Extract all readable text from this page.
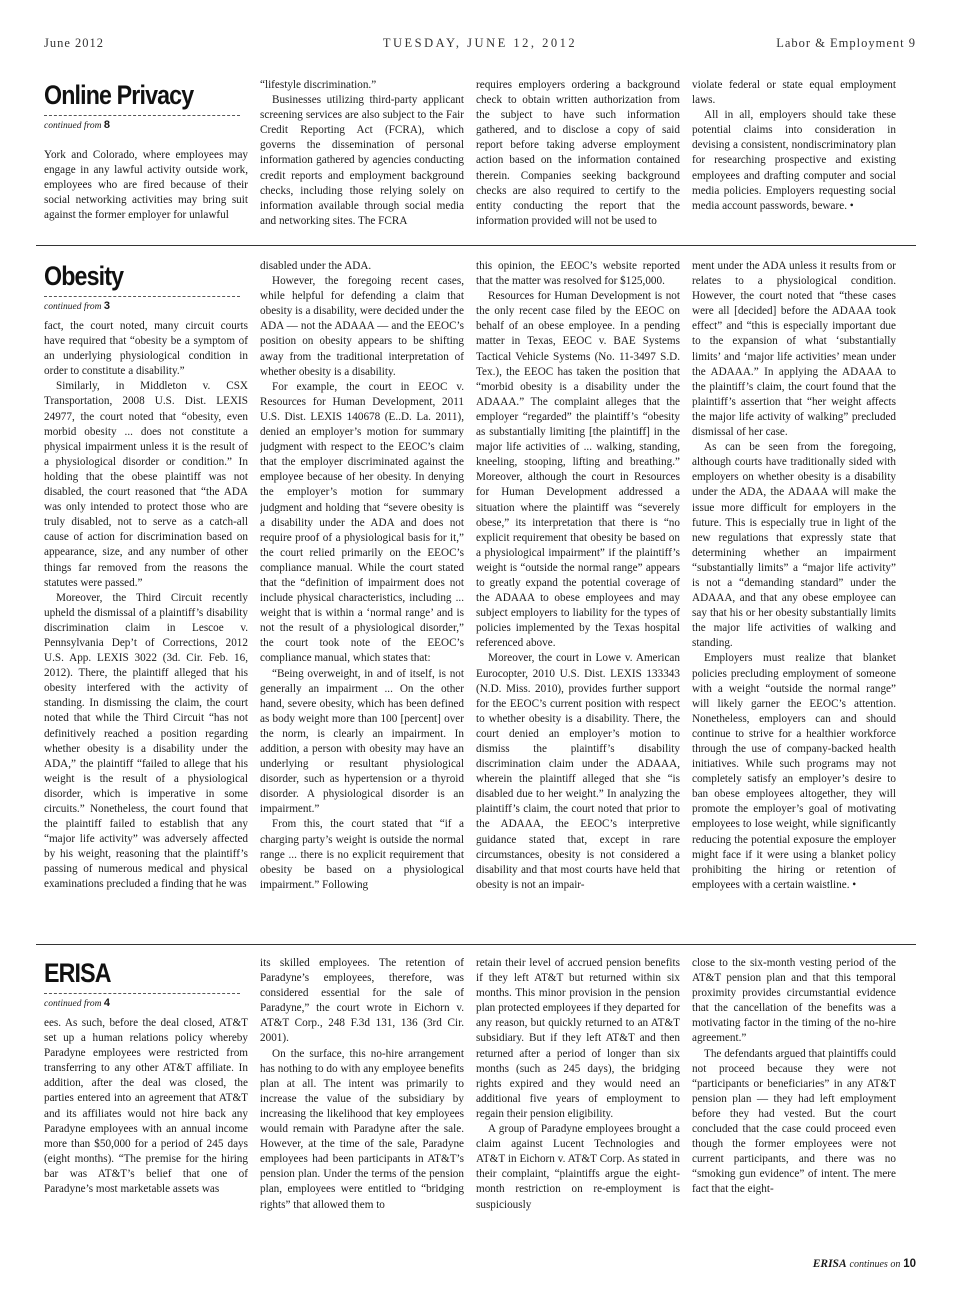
June 2012	TUESDAY, JUNE 12, 2012	Labor & Employment 9
Online Privacy
continued from 8

York and Colorado, where employees may engage in any lawful activity outside work, employees who are fired because of their social networking activities may bring suit against the former employer for unlawful

“lifestyle discrimination.”

Businesses utilizing third-party applicant screening services are also subject to the Fair Credit Reporting Act (FCRA), which governs the dissemination of personal information gathered by agencies conducting credit reports and employment background checks, including those relying solely on information available through social media and networking sites. The FCRA

requires employers ordering a background check to obtain written authorization from the subject to have such information gathered, and to disclose a copy of said report before taking adverse employment action based on the information contained therein. Companies seeking background checks are also required to certify to the entity conducting the report that the information provided will not be used to

violate federal or state equal employment laws.

All in all, employers should take these potential claims into consideration in devising a consistent, nondiscriminatory plan for researching prospective and existing employees and drafting computer and social media policies. Employers requesting social media account passwords, beware. •

Obesity
continued from 3

fact, the court noted, many circuit courts have required that “obesity be a symptom of an underlying physiological condition in order to constitute a disability.”

Similarly, in Middleton v. CSX Transportation, 2008 U.S. Dist. LEXIS 24977, the court noted that “obesity, even morbid obesity ... does not constitute a physical impairment unless it is the result of a physiological disorder or condition.” In holding that the obese plaintiff was not disabled, the court reasoned that “the ADA was only intended to protect those who are truly disabled, not to serve as a catch-all cause of action for discrimination based on appearance, size, and any number of other things far removed from the reasons the statutes were passed.”

Moreover, the Third Circuit recently upheld the dismissal of a plaintiff’s disability discrimination claim in Lescoe v. Pennsylvania Dep’t of Corrections, 2012 U.S. App. LEXIS 3022 (3d. Cir. Feb. 16, 2012). There, the plaintiff alleged that his obesity interfered with the activity of standing. In dismissing the claim, the court noted that while the Third Circuit “has not definitively reached a position regarding whether obesity is a disability under the ADA,” the plaintiff “failed to allege that his weight is the result of a physiological disorder, which is imperative in some circuits.” Nonetheless, the court found that the plaintiff failed to establish that any “major life activity” was adversely affected by his weight, reasoning that the plaintiff’s passing of numerous medical and physical examinations precluded a finding that he was

disabled under the ADA.

However, the foregoing recent cases, while helpful for defending a claim that obesity is a disability, were decided under the ADA — not the ADAAA — and the EEOC’s position on obesity appears to be shifting away from the traditional interpretation of whether obesity is a disability.

For example, the court in EEOC v. Resources for Human Development, 2011 U.S. Dist. LEXIS 140678 (E..D. La. 2011), denied an employer’s motion for summary judgment with respect to the EEOC’s claim that the employer discriminated against the employee because of her obesity. In denying the employer’s motion for summary judgment and holding that “severe obesity is a disability under the ADA and does not require proof of a physiological basis for it,” the court relied primarily on the EEOC’s compliance manual. While the court stated that the “definition of impairment does not include physical characteristics, including ... weight that is within a ‘normal range’ and is not the result of a physiological disorder,” the court took note of the EEOC’s compliance manual, which states that:

“Being overweight, in and of itself, is not generally an impairment ... On the other hand, severe obesity, which has been defined as body weight more than 100 [percent] over the norm, is clearly an impairment. In addition, a person with obesity may have an underlying or resultant physiological disorder, such as hypertension or a thyroid disorder. A physiological disorder is an impairment.”

From this, the court stated that “if a charging party’s weight is outside the normal range ... there is no explicit requirement that obesity be based on a physiological impairment.” Following

this opinion, the EEOC’s website reported that the matter was resolved for $125,000.

Resources for Human Development is not the only recent case filed by the EEOC on behalf of an obese employee. In a pending matter in Texas, EEOC v. BAE Systems Tactical Vehicle Systems (No. 11-3497 S.D. Tex.), the EEOC has taken the position that “morbid obesity is a disability under the ADAAA.” The complaint alleges that the employer “regarded” the plaintiff’s “obesity as substantially limiting [the plaintiff] in the major life activities of ... walking, standing, kneeling, stooping, lifting and breathing.” Moreover, although the court in Resources for Human Development addressed a situation where the plaintiff was “severely obese,” its interpretation that there is “no explicit requirement that obesity be based on a physiological impairment” if the plaintiff’s weight is “outside the normal range” appears to greatly expand the potential coverage of the ADAAA to obese employees and may subject employers to liability for the types of policies implemented by the Texas hospital referenced above.

Moreover, the court in Lowe v. American Eurocopter, 2010 U.S. Dist. LEXIS 133343 (N.D. Miss. 2010), provides further support for the EEOC’s current position with respect to whether obesity is a disability. There, the court denied an employer’s motion to dismiss the plaintiff’s disability discrimination claim under the ADAAA, wherein the plaintiff alleged that she “is disabled due to her weight.” In analyzing the plaintiff’s claim, the court noted that prior to the ADAAA, the EEOC’s interpretive guidance stated that, except in rare circumstances, obesity is not considered a disability and that most courts have held that obesity is not an impair-

ment under the ADA unless it results from or relates to a physiological condition. However, the court noted that “these cases were all [decided] before the ADAAA took effect” and “this is especially important due to the expansion of what ‘substantially limits’ and ‘major life activities’ mean under the ADAAA.” In applying the ADAAA to the plaintiff’s claim, the court found that the plaintiff’s assertion that “her weight affects the major life activity of walking” precluded dismissal of her case.

As can be seen from the foregoing, although courts have traditionally sided with employers on whether obesity is a disability under the ADA, the ADAAA will make the issue more difficult for employers in the future. This is especially true in light of the new regulations that expressly state that determining whether an impairment “substantially limits” a “major life activity” is not a “demanding standard” under the ADAAA, and that any obese employee can say that his or her obesity substantially limits the major life activities of walking and standing.

Employers must realize that blanket policies precluding employment of someone with a weight “outside the normal range” will likely garner the EEOC’s attention. Nonetheless, employers can and should continue to strive for a healthier workforce through the use of company-backed health initiatives. While such programs may not completely satisfy an employer’s desire to ban obese employees altogether, they will promote the employer’s goal of motivating employees to lose weight, while significantly reducing the potential exposure the employer might face if it were using a blanket policy prohibiting the hiring or retention of employees with a certain waistline. •

ERISA
continued from 4

ees. As such, before the deal closed, AT&T set up a human relations policy whereby Paradyne employees were restricted from transferring to any other AT&T affiliate. In addition, after the deal was closed, the parties entered into an agreement that AT&T and its affiliates would not hire back any Paradyne employees with an annual income more than $50,000 for a period of 245 days (eight months). “The premise for the hiring bar was AT&T’s belief that one of Paradyne’s most marketable assets was

its skilled employees. The retention of Paradyne’s employees, therefore, was considered essential for the sale of Paradyne,” the court wrote in Eichorn v. AT&T Corp., 248 F.3d 131, 136 (3rd Cir. 2001).

On the surface, this no-hire arrangement has nothing to do with any employee benefits plan at all. The intent was primarily to increase the value of the subsidiary by increasing the likelihood that key employees would remain with Paradyne after the sale. However, at the time of the sale, Paradyne employees had been participants in AT&T’s pension plan. Under the terms of the pension plan, employees were entitled to “bridging rights” that allowed them to

retain their level of accrued pension benefits if they left AT&T but returned within six months. This minor provision in the pension plan protected employees if they departed for any reason, but quickly returned to an AT&T subsidiary. But if they left AT&T and then returned after a period of longer than six months (such as 245 days), the bridging rights expired and they would need an additional five years of employment to regain their pension eligibility.

A group of Paradyne employees brought a claim against Lucent Technologies and AT&T in Eichorn v. AT&T Corp. As stated in their complaint, “plaintiffs argue the eight-month restriction on re-employment is suspiciously

close to the six-month vesting period of the AT&T pension plan and that this temporal proximity provides circumstantial evidence that the cancellation of the benefits was a motivating factor in the timing of the no-hire agreement.”

The defendants argued that plaintiffs could not proceed because they were not “participants or beneficiaries” in any AT&T pension plan — they had left employment before they had vested. But the court concluded that the case could proceed even though the former employees were not current participants, and there was no “smoking gun evidence” of intent. The mere fact that the eight-

ERISA continues on 10
